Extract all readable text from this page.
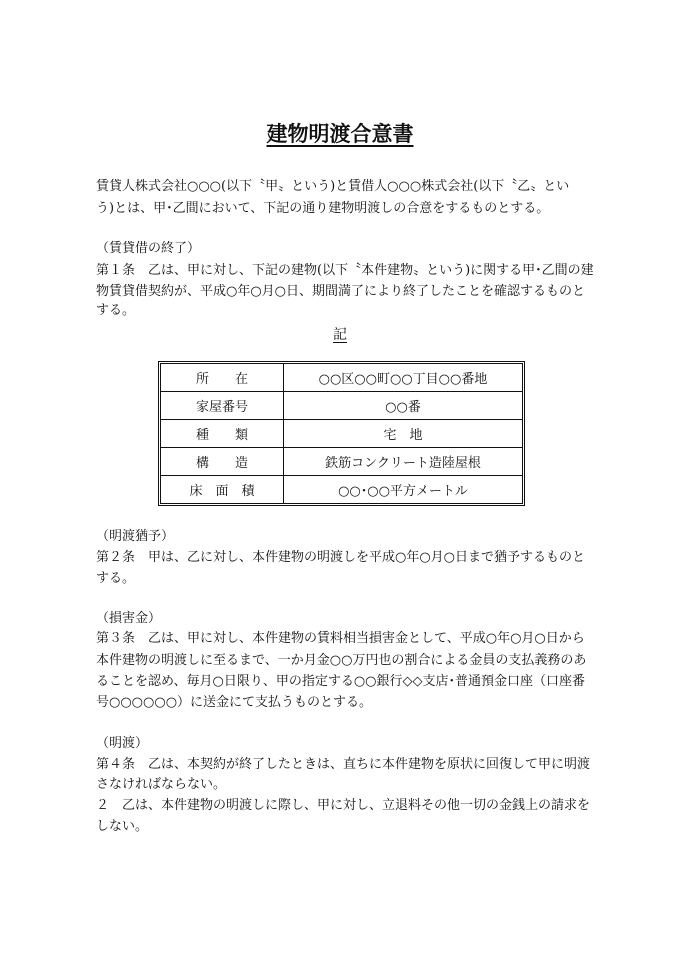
建物明渡合意書
賃貸人株式会社○○○(以下〝甲〟という)と賃借人○○○株式会社(以下〝乙〟とい
う)とは、甲･乙間において、下記の通り建物明渡しの合意をするものとする。
（賃貸借の終了）
第１条　乙は、甲に対し、下記の建物(以下〝本件建物〟という)に関する甲･乙間の建
物賃貸借契約が、平成○年○月○日、期間満了により終了したことを確認するものと
する。
記
所　　在	○○区○○町○○丁目○○番地
家屋番号	○○番
種　　類	宅　地
構　　造	鉄筋コンクリート造陸屋根
床　面　積	○○･○○平方メートル
（明渡猶予）
第２条　甲は、乙に対し、本件建物の明渡しを平成○年○月○日まで猶予するものと
する。
（損害金）
第３条　乙は、甲に対し、本件建物の賃料相当損害金として、平成○年○月○日から
本件建物の明渡しに至るまで、一か月金○○万円也の割合による金員の支払義務のあ
ることを認め、毎月○日限り、甲の指定する○○銀行◇◇支店･普通預金口座（口座番
号○○○○○○）に送金にて支払うものとする。
（明渡）
第４条　乙は、本契約が終了したときは、直ちに本件建物を原状に回復して甲に明渡
さなければならない。
２　乙は、本件建物の明渡しに際し、甲に対し、立退料その他一切の金銭上の請求を
しない。
